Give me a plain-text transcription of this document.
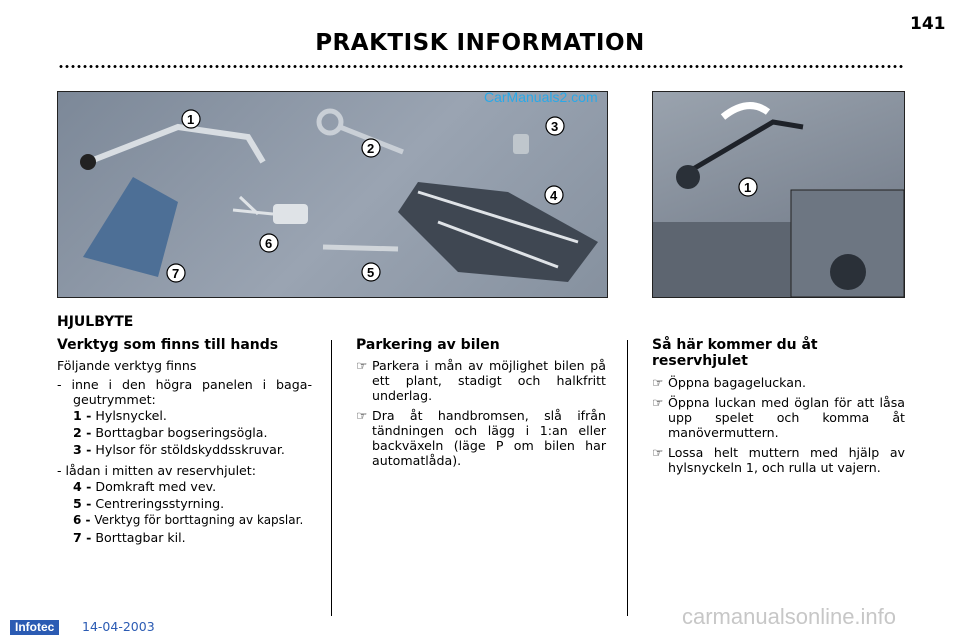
141
PRAKTISK INFORMATION
1
2
3
4
5
6
7
CarManuals2.com
1
HJULBYTE
Verktyg som finns till hands
Följande verktyg finns
- inne i den högra panelen i baga-geutrymmet:
1 - Hylsnyckel.
2 - Borttagbar bogseringsögla.
3 - Hylsor för stöldskyddsskruvar.
- lådan i mitten av reservhjulet:
4 - Domkraft med vev.
5 - Centreringsstyrning.
6 - Verktyg för borttagning av kapslar.
7 - Borttagbar kil.
Parkering av bilen
☞ Parkera i mån av möjlighet bilen på ett plant, stadigt och halkfritt underlag.
☞ Dra åt handbromsen, slå ifrån tändningen och lägg i 1:an eller backväxeln (läge P om bilen har automatlåda).
Så här kommer du åt reservhjulet
☞ Öppna bagageluckan.
☞ Öppna luckan med öglan för att låsa upp spelet och komma åt manövermuttern.
☞ Lossa helt muttern med hjälp av hylsnyckeln 1, och rulla ut vajern.
Infotec	14-04-2003	carmanualsonline.info
